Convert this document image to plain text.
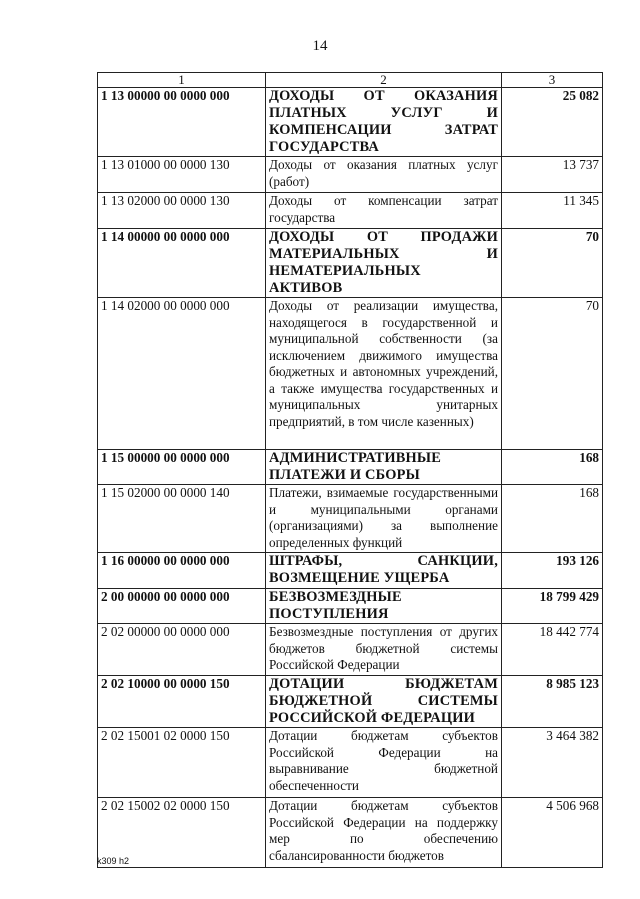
14
1	2	3
1 13 00000 00 0000 000	ДОХОДЫ ОТ ОКАЗАНИЯ ПЛАТНЫХ УСЛУГ И КОМПЕНСАЦИИ ЗАТРАТ ГОСУДАРСТВА	25 082
1 13 01000 00 0000 130	Доходы от оказания платных услуг (работ)	13 737
1 13 02000 00 0000 130	Доходы от компенсации затрат государства	11 345
1 14 00000 00 0000 000	ДОХОДЫ ОТ ПРОДАЖИ МАТЕРИАЛЬНЫХ И НЕМАТЕРИАЛЬНЫХ АКТИВОВ	70
1 14 02000 00 0000 000	Доходы от реализации имущества, находящегося в государственной и муниципальной собственности (за исключением движимого имущества бюджетных и автономных учреждений, а также имущества государственных и муниципальных унитарных предприятий, в том числе казенных)	70
1 15 00000 00 0000 000	АДМИНИСТРАТИВНЫЕ ПЛАТЕЖИ И СБОРЫ	168
1 15 02000 00 0000 140	Платежи, взимаемые государственными и муниципальными органами (организациями) за выполнение определенных функций	168
1 16 00000 00 0000 000	ШТРАФЫ, САНКЦИИ, ВОЗМЕЩЕНИЕ УЩЕРБА	193 126
2 00 00000 00 0000 000	БЕЗВОЗМЕЗДНЫЕ ПОСТУПЛЕНИЯ	18 799 429
2 02 00000 00 0000 000	Безвозмездные поступления от других бюджетов бюджетной системы Российской Федерации	18 442 774
2 02 10000 00 0000 150	ДОТАЦИИ БЮДЖЕТАМ БЮДЖЕТНОЙ СИСТЕМЫ РОССИЙСКОЙ ФЕДЕРАЦИИ	8 985 123
2 02 15001 02 0000 150	Дотации бюджетам субъектов Российской Федерации на выравнивание бюджетной обеспеченности	3 464 382
2 02 15002 02 0000 150	Дотации бюджетам субъектов Российской Федерации на поддержку мер по обеспечению сбалансированности бюджетов	4 506 968
k309 h2
